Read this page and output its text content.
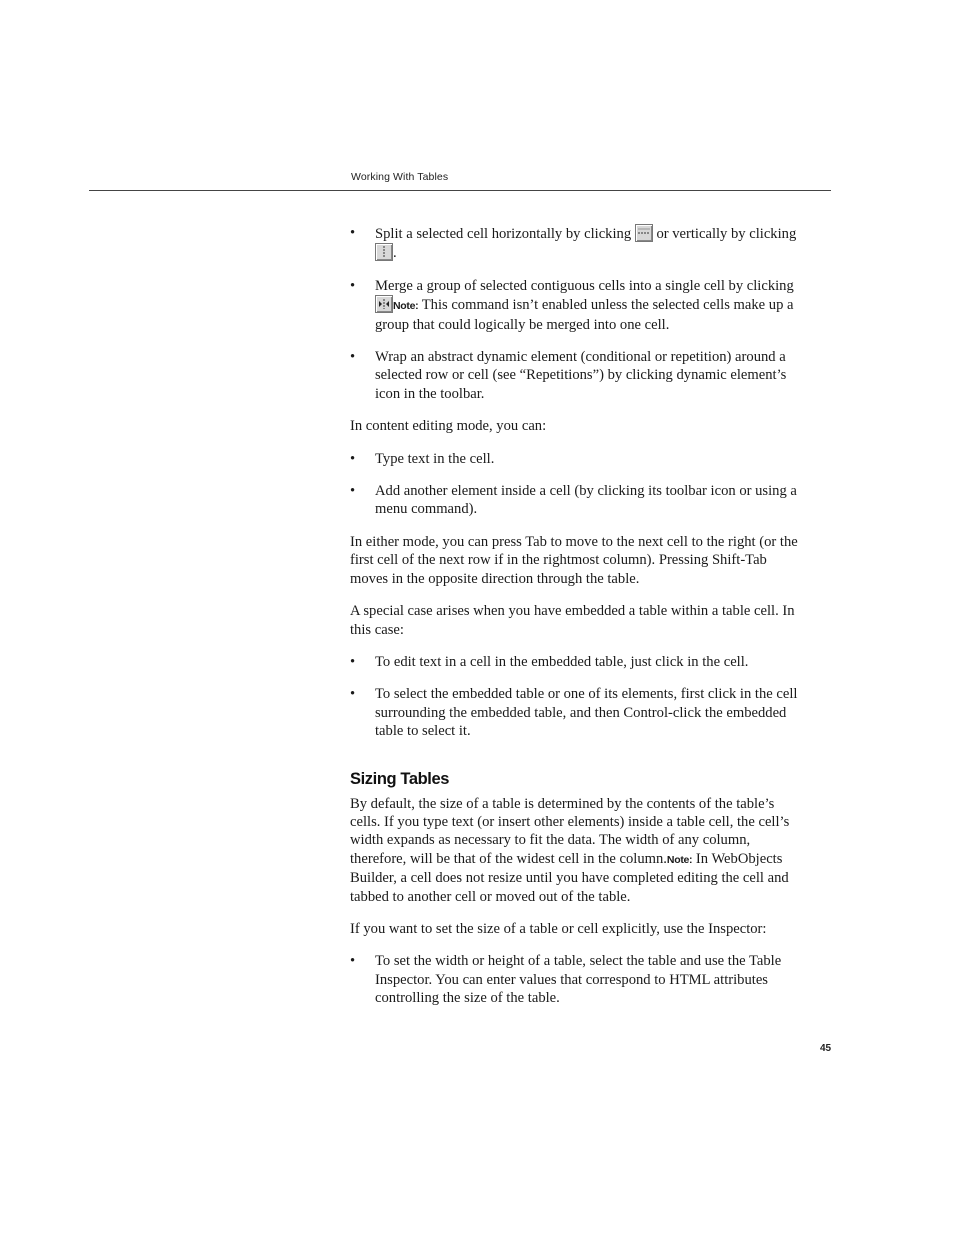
Working With Tables
• Split a selected cell horizontally by clicking
or vertically by clicking

.
• Merge a group of selected contiguous cells into a single cell by clicking

Note: This command isn’t enabled unless the selected cells make up a group that could logically be merged into one cell.
• Wrap an abstract dynamic element (conditional or repetition) around a selected row or cell (see “Repetitions”) by clicking dynamic element’s icon in the toolbar.

In content editing mode, you can:

• Type text in the cell.
• Add another element inside a cell (by clicking its toolbar icon or using a menu command).

In either mode, you can press Tab to move to the next cell to the right (or the first cell of the next row if in the rightmost column). Pressing Shift-Tab moves in the opposite direction through the table.

A special case arises when you have embedded a table within a table cell. In this case:

• To edit text in a cell in the embedded table, just click in the cell.
• To select the embedded table or one of its elements, first click in the cell surrounding the embedded table, and then Control-click the embedded table to select it.
Sizing Tables

By default, the size of a table is determined by the contents of the table’s cells. If you type text (or insert other elements) inside a table cell, the cell’s width expands as necessary to fit the data. The width of any column, therefore, will be that of the widest cell in the column.Note: In WebObjects Builder, a cell does not resize until you have completed editing the cell and tabbed to another cell or moved out of the table.

If you want to set the size of a table or cell explicitly, use the Inspector:

• To set the width or height of a table, select the table and use the Table Inspector. You can enter values that correspond to HTML attributes controlling the size of the table.
45
